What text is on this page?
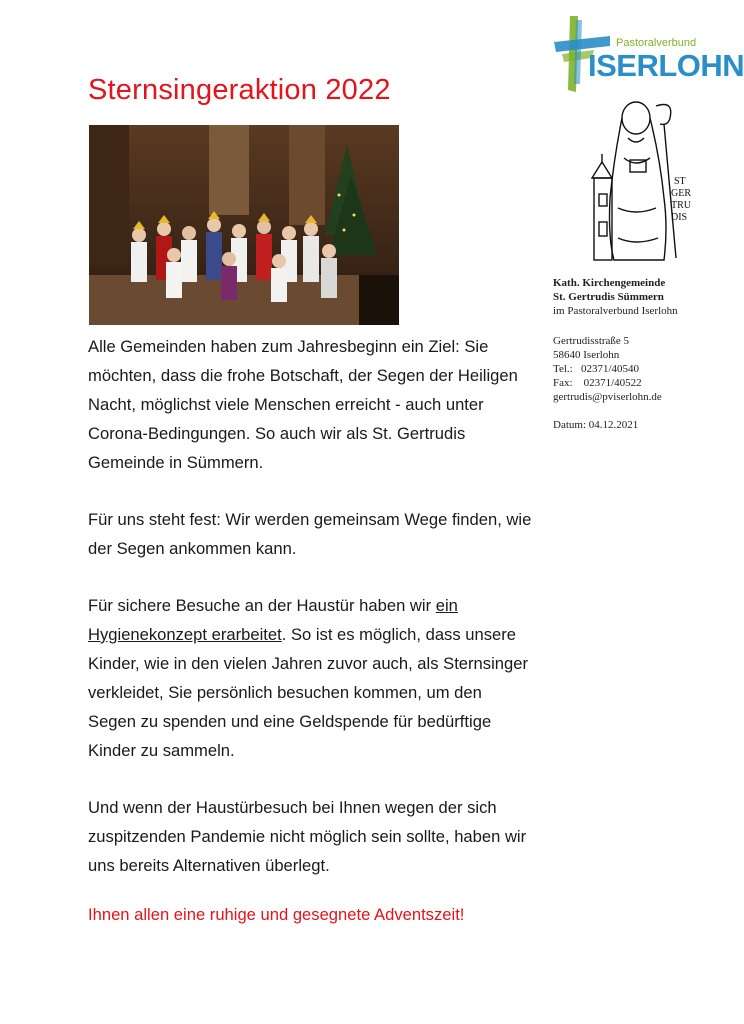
Sternsingeraktion 2022
Pastoralverbund
ISERLOHN
ST
GER
TRU
DIS
Kath. Kirchengemeinde
St. Gertrudis Sümmern
im Pastoralverbund Iserlohn
Gertrudisstraße 5
58640 Iserlohn
Tel.: 02371/40540
Fax: 02371/40522
gertrudis@pviserlohn.de
Datum: 04.12.2021

Alle Gemeinden haben zum Jahresbeginn ein Ziel: Sie möchten, dass die frohe Botschaft, der Segen der Heiligen Nacht, möglichst viele Menschen erreicht - auch unter Corona-Bedingungen. So auch wir als St. Gertrudis Gemeinde in Sümmern.

Für uns steht fest: Wir werden gemeinsam Wege finden, wie der Segen ankommen kann.

Für sichere Besuche an der Haustür haben wir ein Hygienekonzept erarbeitet. So ist es möglich, dass unsere Kinder, wie in den vielen Jahren zuvor auch, als Sternsinger verkleidet, Sie persönlich besuchen kommen, um den Segen zu spenden und eine Geldspende für bedürftige Kinder zu sammeln.

Und wenn der Haustürbesuch bei Ihnen wegen der sich zuspitzenden Pandemie nicht möglich sein sollte, haben wir uns bereits Alternativen überlegt.

Ihnen allen eine ruhige und gesegnete Adventszeit!
